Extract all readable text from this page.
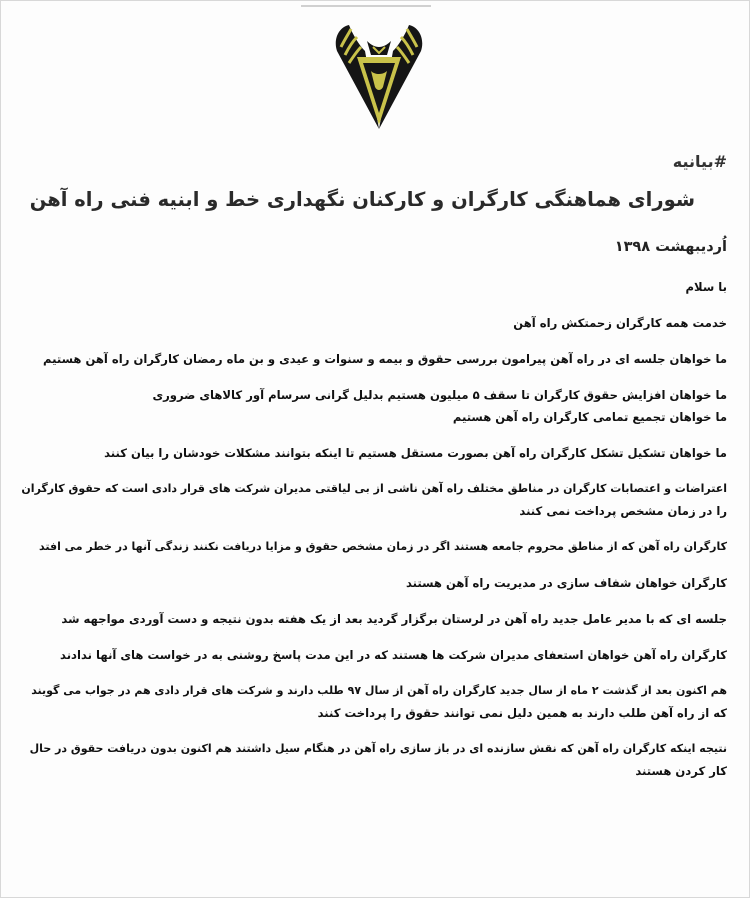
#بیانیه
شورای هماهنگی کارگران و کارکنان نگهداری خط و ابنیه فنی راه آهن
اُردیبهشت ۱۳۹۸

با سلام

خدمت همه کارگران زحمتکش راه آهن

ما خواهان جلسه ای در راه آهن پیرامون بررسی حقوق و بیمه و سنوات و عیدی و بن ماه رمضان کارگران راه آهن هستیم

ما خواهان افزایش حقوق کارگران تا سقف ۵ میلیون هستیم بدلیل گرانی سرسام آور کالاهای ضروری

ما خواهان تجمیع تمامی کارگران راه آهن هستیم

ما خواهان تشکیل تشکل کارگران راه آهن بصورت مستقل هستیم تا اینکه بتوانند مشکلات خودشان را بیان کنند

اعتراضات و اعتصابات کارگران در مناطق مختلف راه آهن ناشی از بی لیاقتی مدیران شرکت های قرار دادی است که حقوق کارگران

را در زمان مشخص پرداخت نمی کنند

کارگران راه آهن که از مناطق محروم جامعه هستند اگر در زمان مشخص حقوق و مزایا دریافت نکنند زندگی آنها در خطر می افتد

کارگران خواهان شفاف سازی در مدیریت راه آهن هستند

جلسه ای که با مدیر عامل جدید راه آهن در لرستان برگزار گردید بعد از یک هفته بدون نتیجه و دست آوردی مواجهه شد

کارگران راه آهن خواهان استعفای مدیران شرکت ها هستند که در این مدت پاسخ روشنی به در خواست های آنها ندادند

هم اکنون بعد از گذشت ۲ ماه از سال جدید کارگران راه آهن از سال ۹۷ طلب دارند و شرکت های قرار دادی هم در جواب می گویند

که از راه آهن طلب دارند به همین دلیل نمی توانند حقوق را پرداخت کنند

نتیجه اینکه کارگران راه آهن که نقش سازنده ای در باز سازی راه آهن در هنگام سیل داشتند هم اکنون بدون دریافت حقوق در حال

کار کردن هستند
